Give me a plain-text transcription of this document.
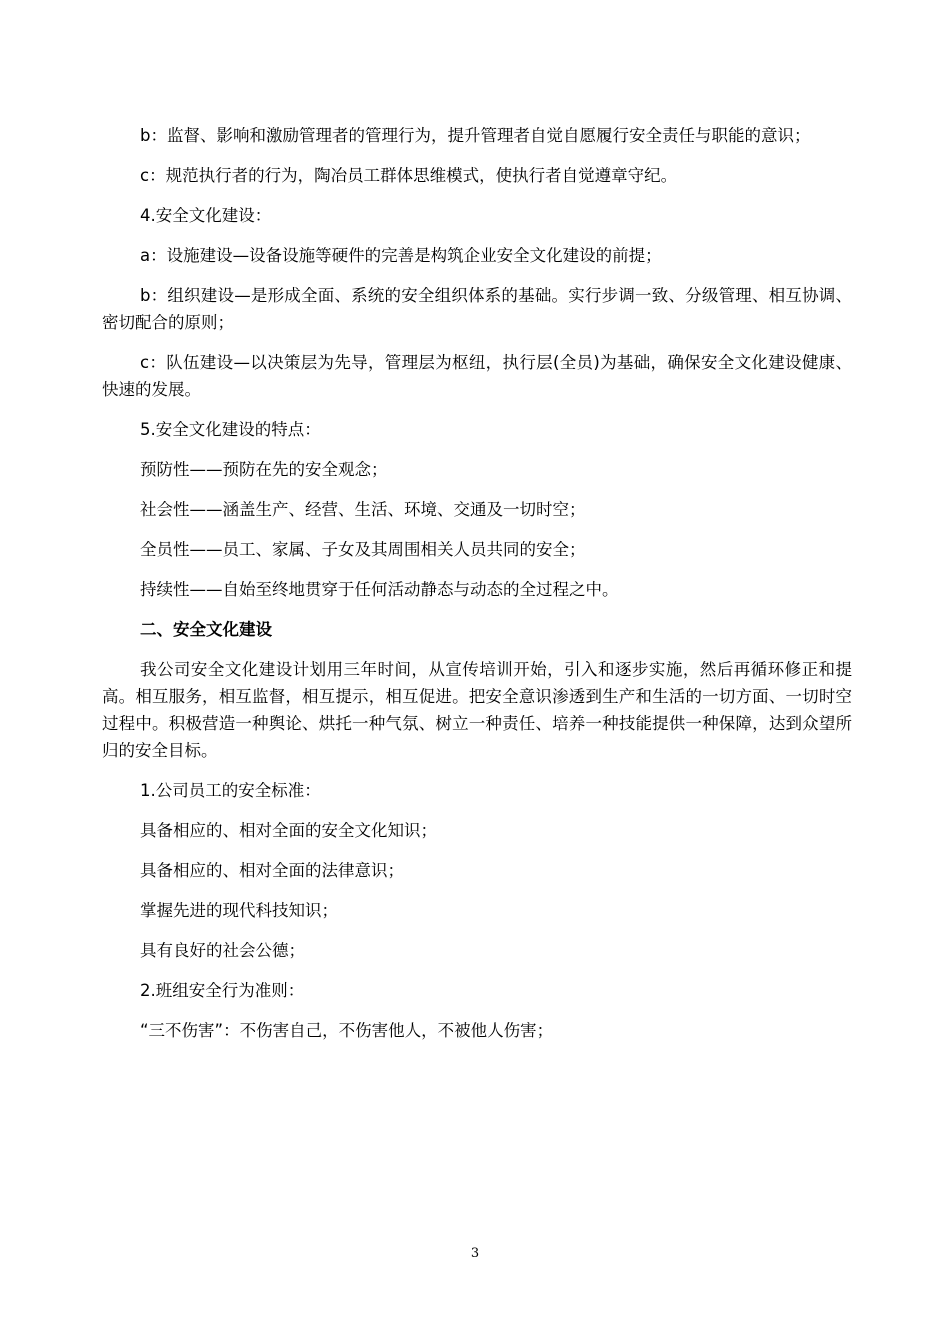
b：监督、影响和激励管理者的管理行为，提升管理者自觉自愿履行安全责任与职能的意识；

c：规范执行者的行为，陶冶员工群体思维模式，使执行者自觉遵章守纪。

4.安全文化建设：

a：设施建设—设备设施等硬件的完善是构筑企业安全文化建设的前提；

b：组织建设—是形成全面、系统的安全组织体系的基础。实行步调一致、分级管理、相互协调、密切配合的原则；

c：队伍建设—以决策层为先导，管理层为枢纽，执行层(全员)为基础，确保安全文化建设健康、快速的发展。

5.安全文化建设的特点：

预防性——预防在先的安全观念；

社会性——涵盖生产、经营、生活、环境、交通及一切时空；

全员性——员工、家属、子女及其周围相关人员共同的安全；

持续性——自始至终地贯穿于任何活动静态与动态的全过程之中。

二、安全文化建设

我公司安全文化建设计划用三年时间，从宣传培训开始，引入和逐步实施，然后再循环修正和提高。相互服务，相互监督，相互提示，相互促进。把安全意识渗透到生产和生活的一切方面、一切时空过程中。积极营造一种舆论、烘托一种气氛、树立一种责任、培养一种技能提供一种保障，达到众望所归的安全目标。

1.公司员工的安全标准：

具备相应的、相对全面的安全文化知识；

具备相应的、相对全面的法律意识；

掌握先进的现代科技知识；

具有良好的社会公德；

2.班组安全行为准则：

“三不伤害”：不伤害自己，不伤害他人，不被他人伤害；

3
